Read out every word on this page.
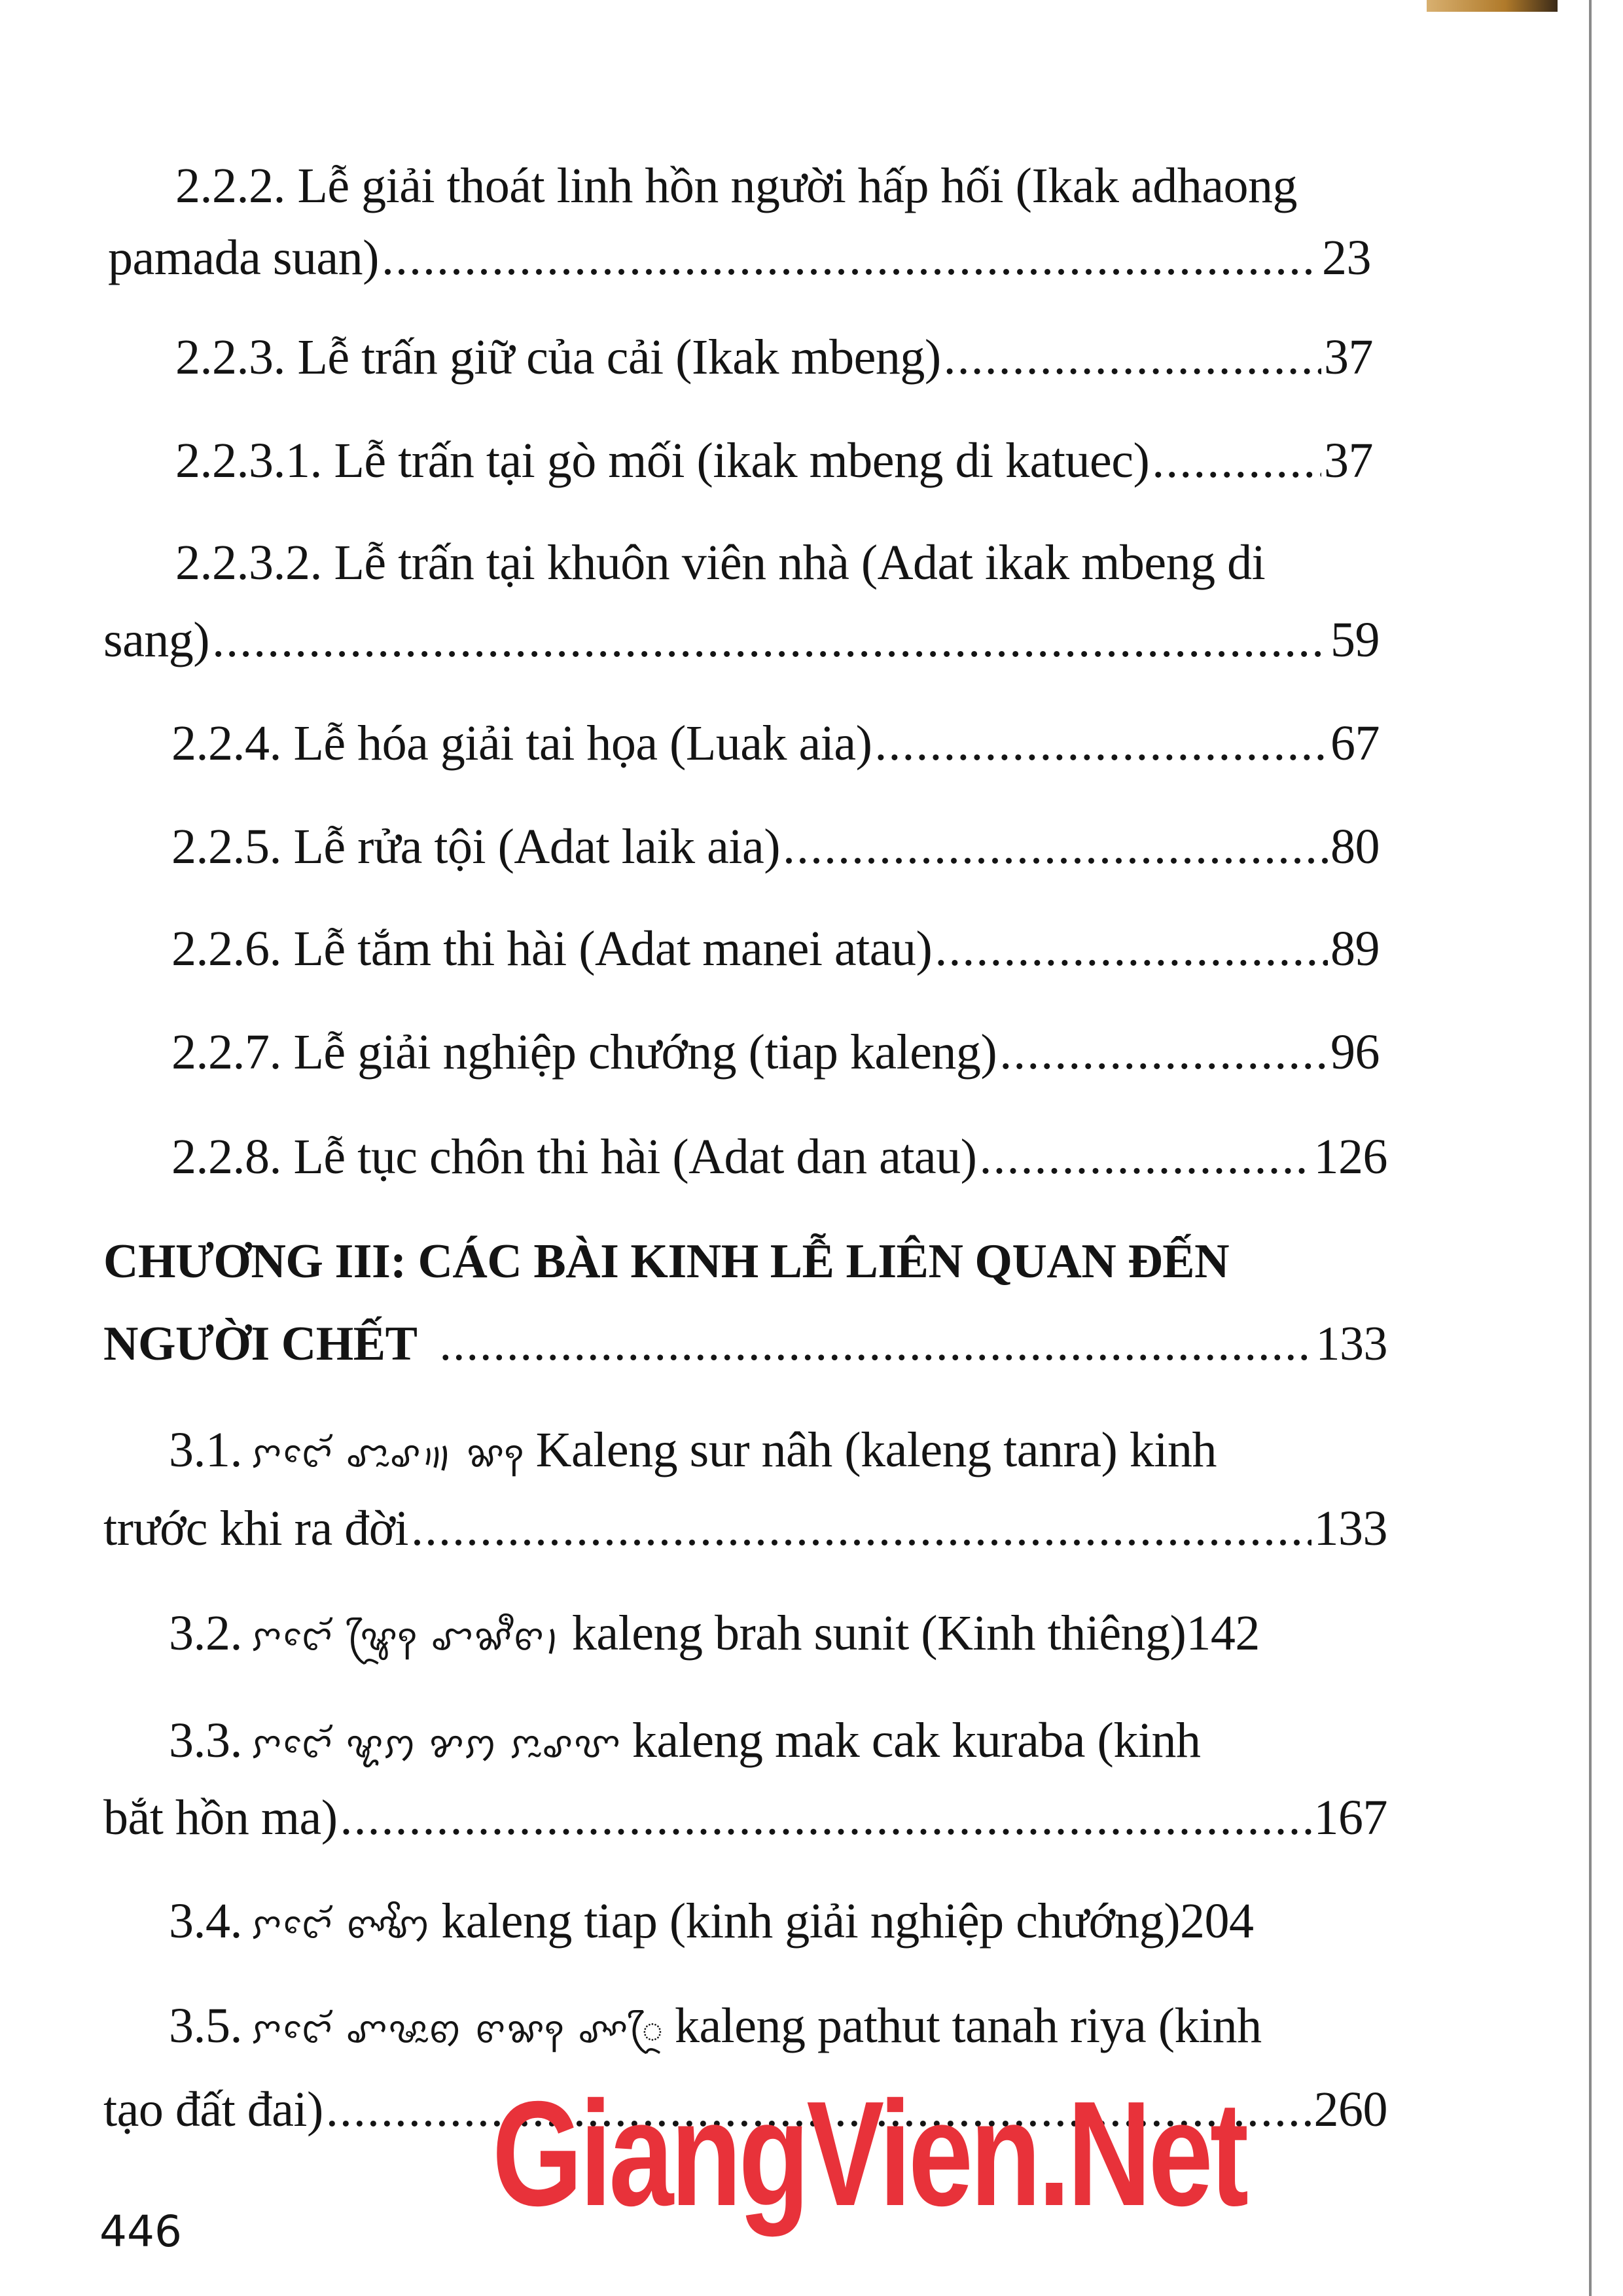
2.2.2. Lễ giải thoát linh hồn người hấp hối (Ikak adhaong
pamada suan) .....	23
2.2.3. Lễ trấn giữ của cải (Ikak mbeng) .....	37
2.2.3.1. Lễ trấn tại gò mối (ikak mbeng di katuec) .....	37
2.2.3.2. Lễ trấn tại khuôn viên nhà (Adat ikak mbeng di
sang) .....	59
2.2.4. Lễ hóa giải tai họa (Luak aia) .....	67
2.2.5. Lễ rửa tội (Adat laik aia) .....	80
2.2.6. Lễ tắm thi hài (Adat manei atau) .....	89
2.2.7. Lễ giải nghiệp chướng (tiap kaleng) .....	96
2.2.8. Lễ tục chôn thi hài (Adat dan atau) .....	126
CHƯƠNG III: CÁC BÀI KINH LỄ LIÊN QUAN ĐẾN
NGƯỜI CHẾT .....	133
3.1. ꨆꨤꨯꨮ ꨧꨭꨣ꩟ ꨗꩍ Kaleng sur nâh (kaleng tanra) kinh
trước khi ra đời .....	133
3.2. ꨆꨤꨯꨮ ꨡꨴꩍ ꨧꨗꨫꨓ꩝ kaleng brah sunit (Kinh thiêng) 142
3.3. ꨆꨤꨯꨮ ꨠꩀ ꨌꩀ ꨆꨭꨣꨞ kaleng mak cak kuraba (kinh
bắt hồn ma) .....	167
3.4. ꨆꨤꨯꨮ ꨓꨳꨩꩇ kaleng tiap (kinh giải nghiệp chướng) 204
3.5. ꨆꨤꨯꨮ ꨚꨔꨭꩅ ꨓꨗꩍ ꨣꨳꨴ kaleng pathut tanah riya (kinh
tạo đất đai) .....	260
GiangVien.Net
446
